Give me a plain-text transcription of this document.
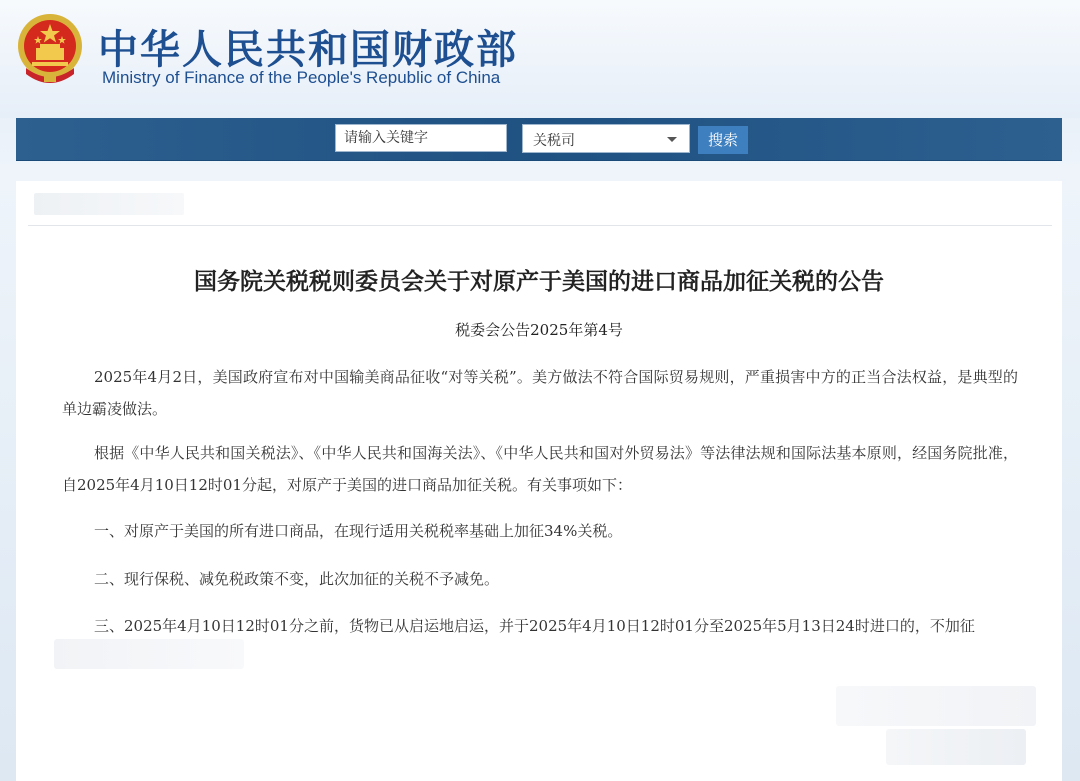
中华人民共和国财政部
Ministry of Finance of the People's Republic of China
请输入关键字
关税司	搜索
国务院关税税则委员会关于对原产于美国的进口商品加征关税的公告
税委会公告2025年第4号

2025年4月2日，美国政府宣布对中国输美商品征收“对等关税”。美方做法不符合国际贸易规则，严重损害中方的正当合法权益，是典型的单边霸凌做法。

根据《中华人民共和国关税法》、《中华人民共和国海关法》、《中华人民共和国对外贸易法》等法律法规和国际法基本原则，经国务院批准，自2025年4月10日12时01分起，对原产于美国的进口商品加征关税。有关事项如下：

一、对原产于美国的所有进口商品，在现行适用关税税率基础上加征34%关税。

二、现行保税、减免税政策不变，此次加征的关税不予减免。

三、2025年4月10日12时01分之前，货物已从启运地启运，并于2025年4月10日12时01分至2025年5月13日24时进口的，不加征
